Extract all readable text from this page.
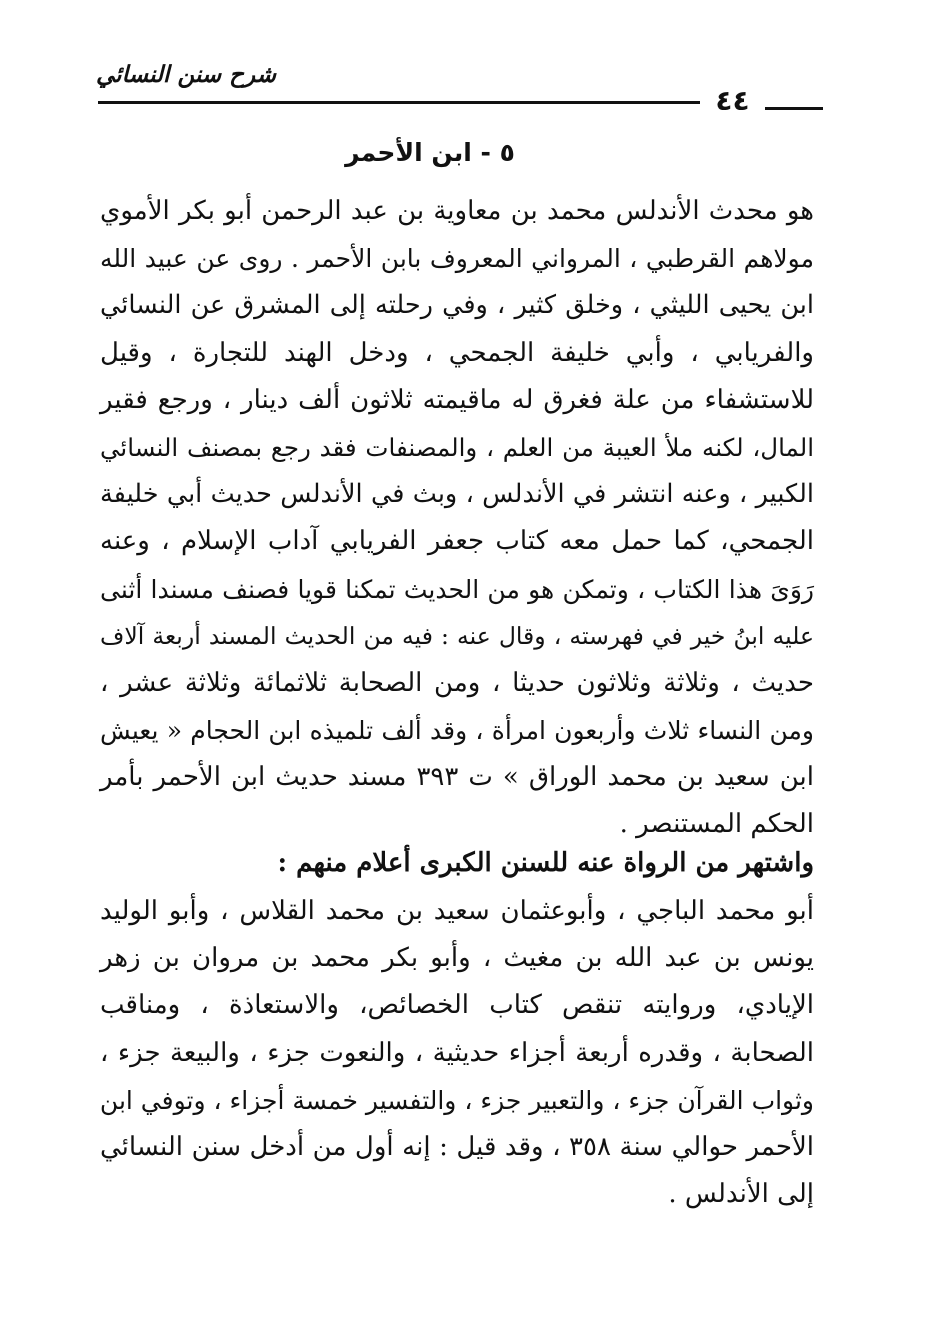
شرح سنن النسائي
٤٤
٥ - ابن الأحمر
هو محدث الأندلس محمد بن معاوية بن عبد الرحمن أبو بكر الأموي
مولاهم القرطبي ، المرواني المعروف بابن الأحمر . روى عن عبيد الله
ابن يحيى الليثي ، وخلق كثير ، وفي رحلته إلى المشرق عن النسائي
والفريابي ، وأبي خليفة الجمحي ، ودخل الهند للتجارة ، وقيل
للاستشفاء من علة فغرق له ماقيمته ثلاثون ألف دينار ، ورجع فقير
المال، لكنه ملأ العيبة من العلم ، والمصنفات فقد رجع بمصنف النسائي
الكبير ، وعنه انتشر في الأندلس ، وبث في الأندلس حديث أبي خليفة
الجمحي، كما حمل معه كتاب جعفر الفريابي آداب الإسلام ، وعنه
رَوَىَ هذا الكتاب ، وتمكن هو من الحديث تمكنا قويا فصنف مسندا أثنى
عليه ابنُ خير في فهرسته ، وقال عنه : فيه من الحديث المسند أربعة آلاف
حديث ، وثلاثة وثلاثون حديثا ، ومن الصحابة ثلاثمائة وثلاثة عشر ،
ومن النساء ثلاث وأربعون امرأة ، وقد ألف تلميذه ابن الحجام « يعيش
ابن سعيد بن محمد الوراق » ت ٣٩٣ مسند حديث ابن الأحمر بأمر
الحكم المستنصر .
واشتهر من الرواة عنه للسنن الكبرى أعلام منهم :
أبو محمد الباجي ، وأبوعثمان سعيد بن محمد القلاس ، وأبو الوليد
يونس بن عبد الله بن مغيث ، وأبو بكر محمد بن مروان بن زهر
الإيادي، وروايته تنقص كتاب الخصائص، والاستعاذة ، ومناقب
الصحابة ، وقدره أربعة أجزاء حديثية ، والنعوت جزء ، والبيعة جزء ،
وثواب القرآن جزء ، والتعبير جزء ، والتفسير خمسة أجزاء ، وتوفي ابن
الأحمر حوالي سنة ٣٥٨ ، وقد قيل : إنه أول من أدخل سنن النسائي
إلى الأندلس .
